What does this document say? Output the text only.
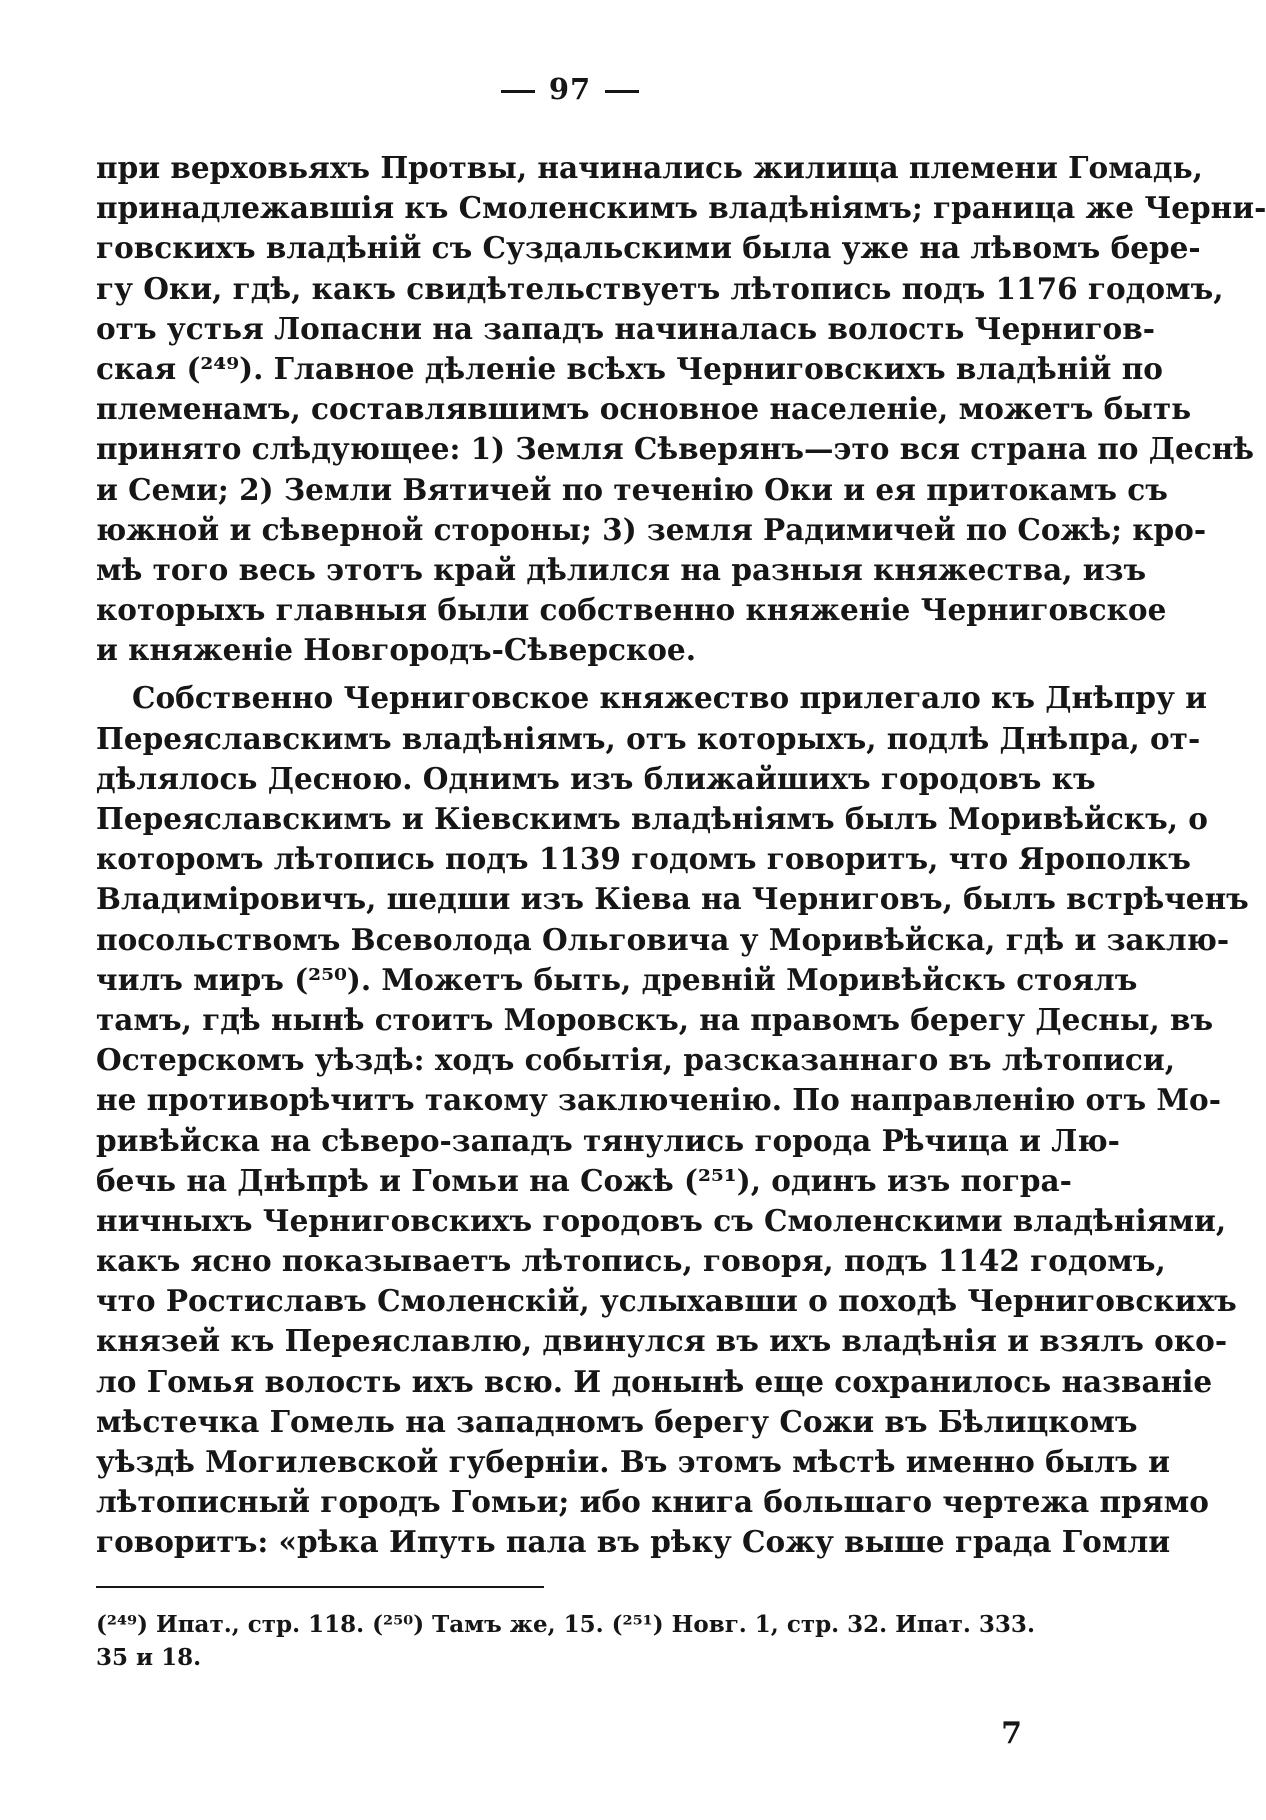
97
при верховьяхъ Протвы, начинались жилища племени Гомадь,
принадлежавшія къ Смоленскимъ владѣніямъ; граница же Черни-
говскихъ владѣній съ Суздальскими была уже на лѣвомъ бере-
гу Оки, гдѣ, какъ свидѣтельствуетъ лѣтопись подъ 1176 годомъ,
отъ устья Лопасни на западъ начиналась волость Чернигов-
ская (²⁴⁹). Главное дѣленіе всѣхъ Черниговскихъ владѣній по
племенамъ, составлявшимъ основное населеніе, можетъ быть
принято слѣдующее: 1) Земля Сѣверянъ—это вся страна по Деснѣ
и Семи; 2) Земли Вятичей по теченію Оки и ея притокамъ съ
южной и сѣверной стороны; 3) земля Радимичей по Сожѣ; кро-
мѣ того весь этотъ край дѣлился на разныя княжества, изъ
которыхъ главныя были собственно княженіе Черниговское
и княженіе Новгородъ-Сѣверское.
Собственно Черниговское княжество прилегало къ Днѣпру и
Переяславскимъ владѣніямъ, отъ которыхъ, подлѣ Днѣпра, от-
дѣлялось Десною. Однимъ изъ ближайшихъ городовъ къ
Переяславскимъ и Кіевскимъ владѣніямъ былъ Моривѣйскъ, о
которомъ лѣтопись подъ 1139 годомъ говоритъ, что Ярополкъ
Владиміровичъ, шедши изъ Кіева на Черниговъ, былъ встрѣченъ
посольствомъ Всеволода Ольговича у Моривѣйска, гдѣ и заклю-
чилъ миръ (²⁵⁰). Можетъ быть, древній Моривѣйскъ стоялъ
тамъ, гдѣ нынѣ стоитъ Моровскъ, на правомъ берегу Десны, въ
Остерскомъ уѣздѣ: ходъ событія, разсказаннаго въ лѣтописи,
не противорѣчитъ такому заключенію. По направленію отъ Мо-
ривѣйска на сѣверо-западъ тянулись города Рѣчица и Лю-
бечь на Днѣпрѣ и Гомьи на Сожѣ (²⁵¹), одинъ изъ погра-
ничныхъ Черниговскихъ городовъ съ Смоленскими владѣніями,
какъ ясно показываетъ лѣтопись, говоря, подъ 1142 годомъ,
что Ростиславъ Смоленскій, услыхавши о походѣ Черниговскихъ
князей къ Переяславлю, двинулся въ ихъ владѣнія и взялъ око-
ло Гомья волость ихъ всю. И донынѣ еще сохранилось названіе
мѣстечка Гомель на западномъ берегу Сожи въ Бѣлицкомъ
уѣздѣ Могилевской губерніи. Въ этомъ мѣстѣ именно былъ и
лѣтописный городъ Гомьи; ибо книга большаго чертежа прямо
говоритъ: «рѣка Ипуть пала въ рѣку Сожу выше града Гомли
(²⁴⁹) Ипат., стр. 118. (²⁵⁰) Тамъ же, 15. (²⁵¹) Новг. 1, стр. 32. Ипат. 333.
35 и 18.
7
